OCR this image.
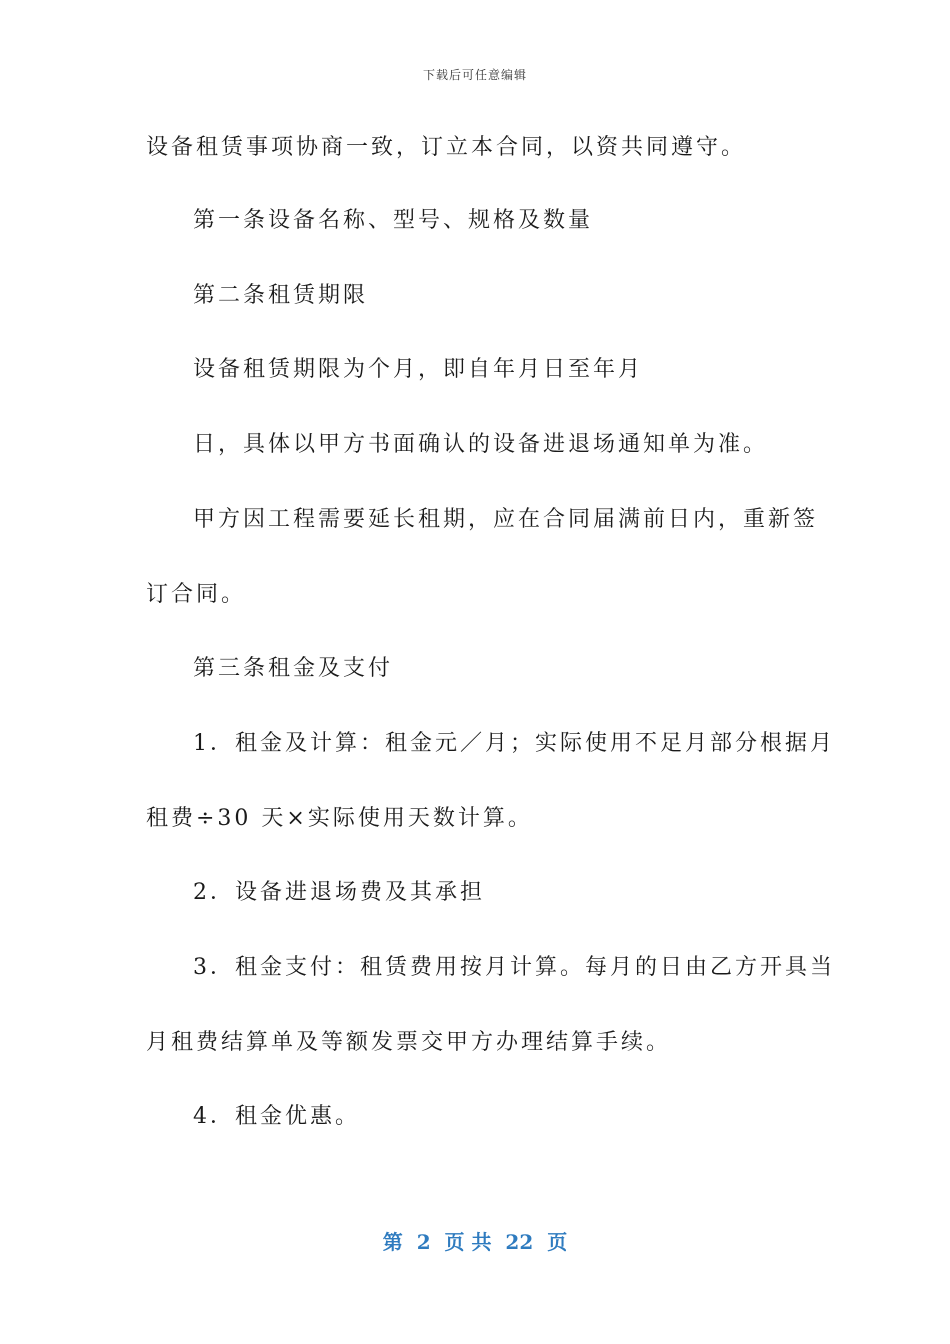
下载后可任意编辑
设备租赁事项协商一致，订立本合同，以资共同遵守。
第一条设备名称、型号、规格及数量
第二条租赁期限
设备租赁期限为个月，即自年月日至年月
日，具体以甲方书面确认的设备进退场通知单为准。
甲方因工程需要延长租期，应在合同届满前日内，重新签
订合同。
第三条租金及支付
1．租金及计算：租金元／月；实际使用不足月部分根据月
租费÷30 天×实际使用天数计算。
2．设备进退场费及其承担
3．租金支付：租赁费用按月计算。每月的日由乙方开具当
月租费结算单及等额发票交甲方办理结算手续。
4．租金优惠。
第  2  页 共  22  页
